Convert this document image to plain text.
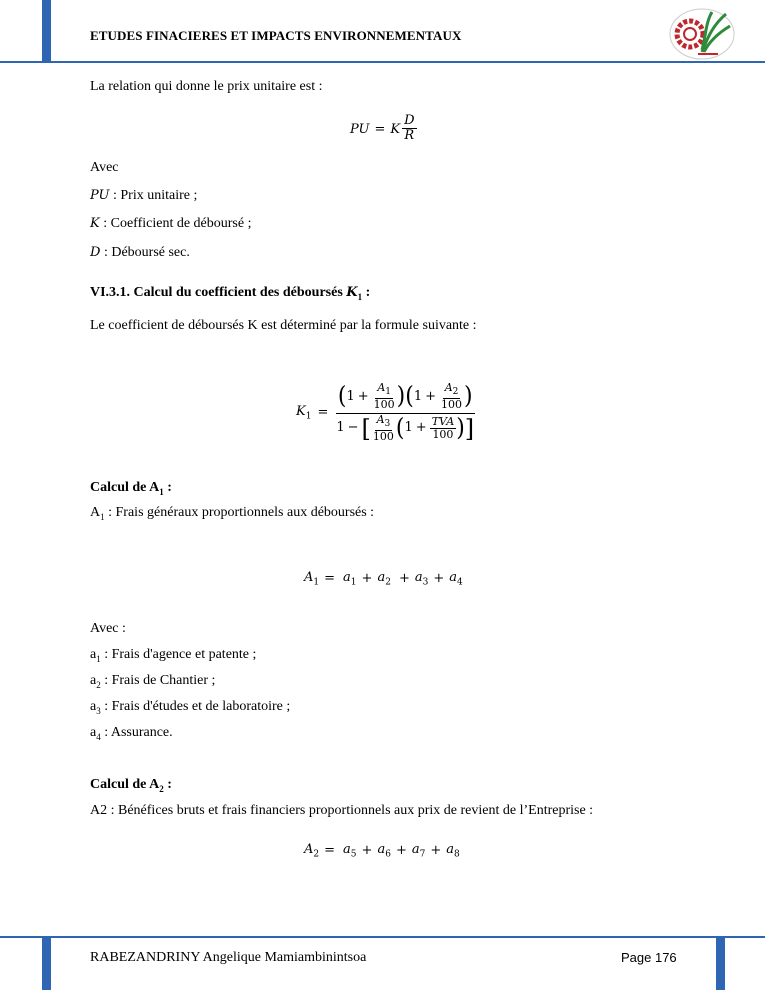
ETUDES FINACIERES ET IMPACTS ENVIRONNEMENTAUX
La relation qui donne le prix unitaire est :
PU = K $\frac{D}{R}$
Avec
PU : Prix unitaire ;
K : Coefficient de déboursé ;
D : Déboursé sec.
VI.3.1. Calcul du coefficient des déboursés $K_1$ :
Le coefficient de déboursés K est déterminé par la formule suivante :
$K_1 = \frac{( 1 + \frac{A_1}{100} ) ( 1 + \frac{A_2}{100} )}{1 - [ \frac{A_3}{100} ( 1 + \frac{\text{TVA}}{100} ) ]}$
Calcul de $A_1$ :
$A_1$ : Frais généraux proportionnels aux déboursés :
$A_1 = a_1 + a_2 + a_3 + a_4$
Avec :
$a_1$ : Frais d'agence et patente ;
$a_2$ : Frais de Chantier ;
$a_3$ : Frais d'études et de laboratoire ;
$a_4$ : Assurance.
Calcul de $A_2$ :
A2 : Bénéfices bruts et frais financiers proportionnels aux prix de revient de l’Entreprise :
$A_2 = a_5 + a_6 + a_7 + a_8$
RABEZANDRINY Angelique Mamiambinintsoa	Page 176
